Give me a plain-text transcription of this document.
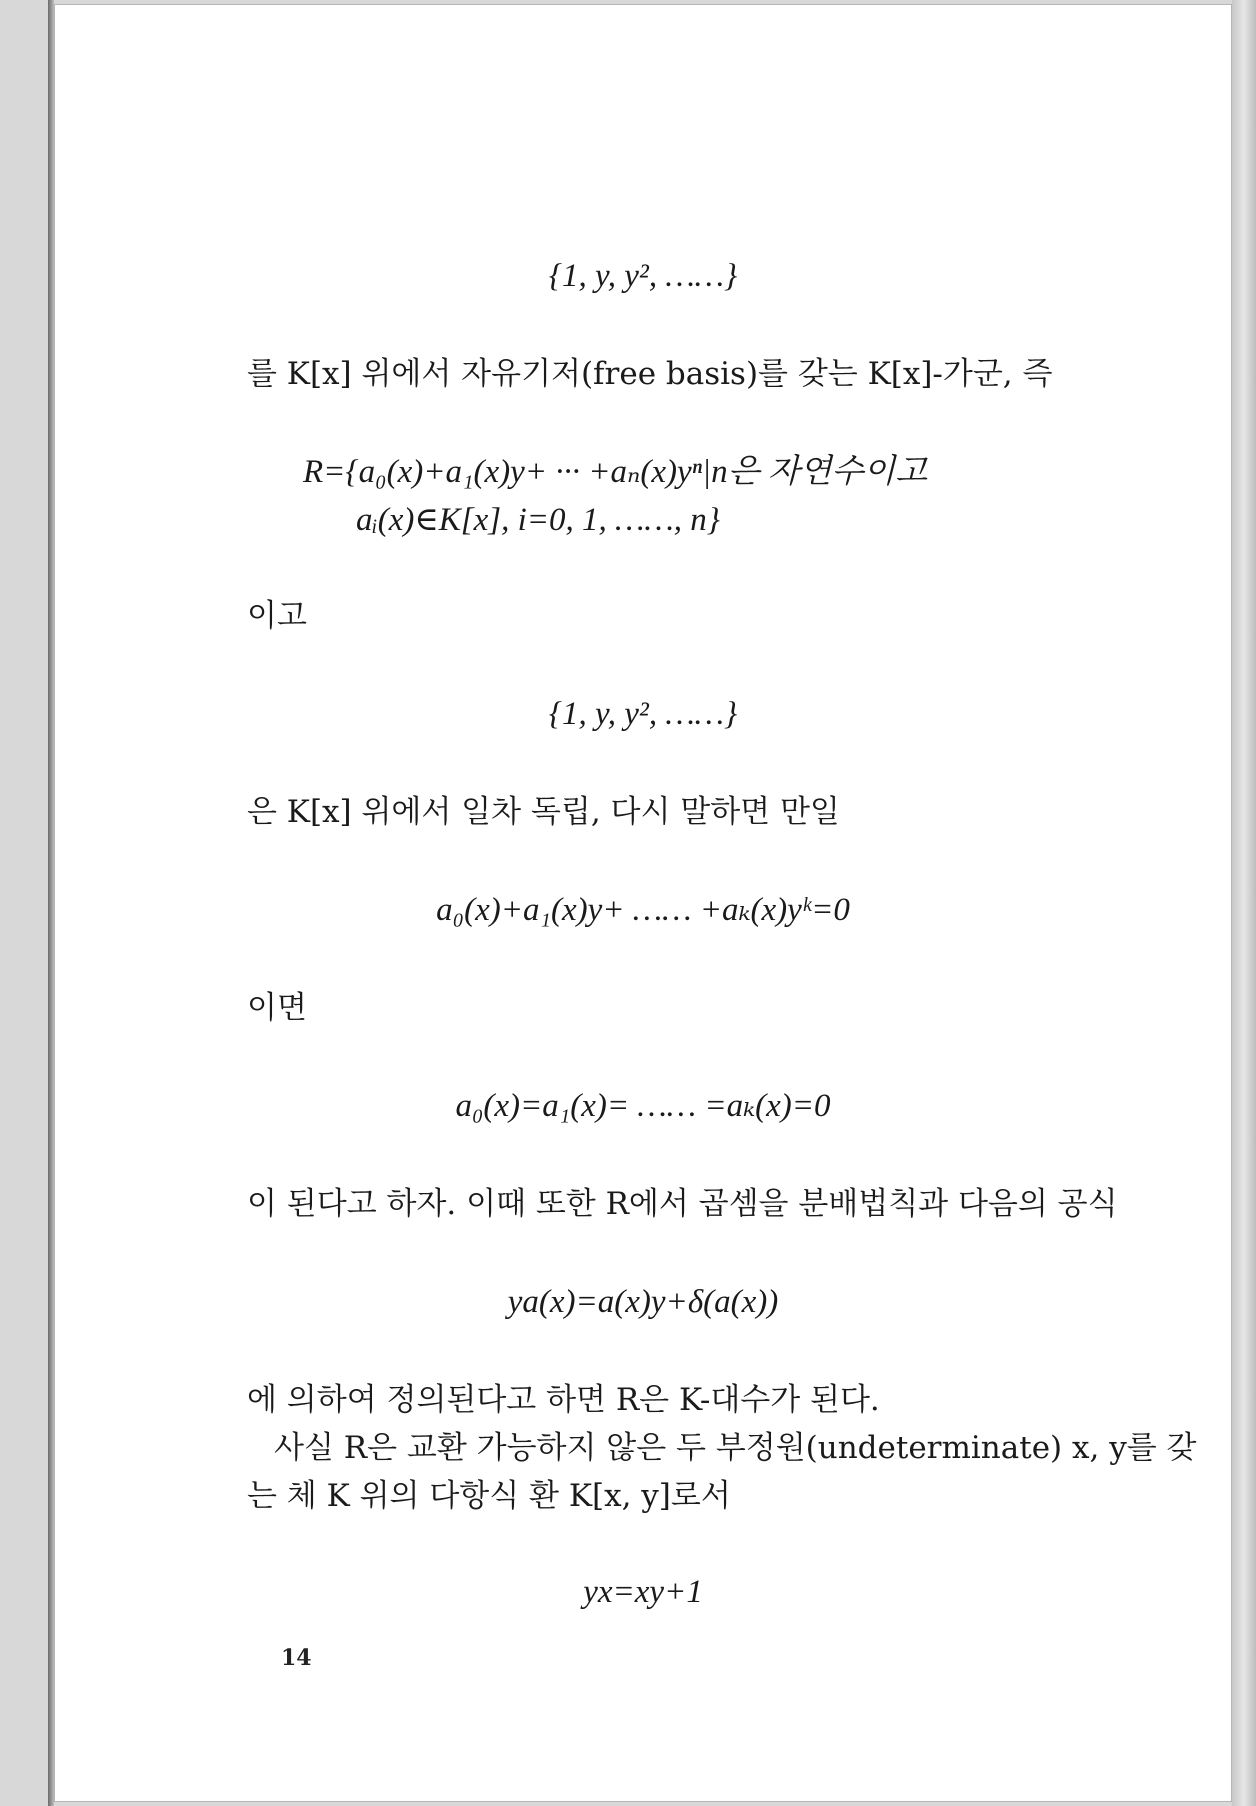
{1, y, y², ……}
를 K[x] 위에서 자유기저(free basis)를 갖는 K[x]-가군, 즉
R={a₀(x)+a₁(x)y+ ··· +aₙ(x)yⁿ|n은 자연수이고
aᵢ(x)∈K[x], i=0, 1, ……, n}
이고
{1, y, y², ……}
은 K[x] 위에서 일차 독립, 다시 말하면 만일
a₀(x)+a₁(x)y+ …… +aₖ(x)yᵏ=0
이면
a₀(x)=a₁(x)= …… =aₖ(x)=0
이 된다고 하자. 이때 또한 R에서 곱셈을 분배법칙과 다음의 공식
ya(x)=a(x)y+δ(a(x))
에 의하여 정의된다고 하면 R은 K-대수가 된다.
사실 R은 교환 가능하지 않은 두 부정원(undeterminate) x, y를 갖
는 체 K 위의 다항식 환 K[x, y]로서
yx=xy+1
14
